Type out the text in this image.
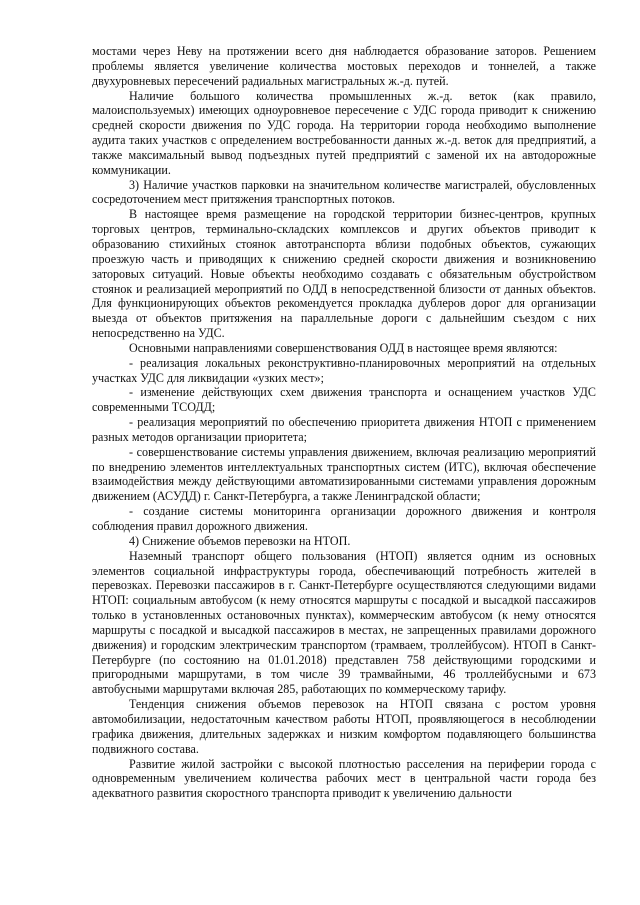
мостами через Неву на протяжении всего дня наблюдается образование заторов. Решением проблемы является увеличение количества мостовых переходов и тоннелей, а также двухуровневых пересечений радиальных магистральных ж.-д. путей.

Наличие большого количества промышленных ж.-д. веток (как правило, малоиспользуемых) имеющих одноуровневое пересечение с УДС города приводит к снижению средней скорости движения по УДС города. На территории города необходимо выполнение аудита таких участков с определением востребованности данных ж.-д. веток для предприятий, а также максимальный вывод подъездных путей предприятий с заменой их на автодорожные коммуникации.

3) Наличие участков парковки на значительном количестве магистралей, обусловленных сосредоточением мест притяжения транспортных потоков.

В настоящее время размещение на городской территории бизнес-центров, крупных торговых центров, терминально-складских комплексов и других объектов приводит к образованию стихийных стоянок автотранспорта вблизи подобных объектов, сужающих проезжую часть и приводящих к снижению средней скорости движения и возникновению заторовых ситуаций. Новые объекты необходимо создавать с обязательным обустройством стоянок и реализацией мероприятий по ОДД в непосредственной близости от данных объектов. Для функционирующих объектов рекомендуется прокладка дублеров дорог для организации выезда от объектов притяжения на параллельные дороги с дальнейшим съездом с них непосредственно на УДС.

Основными направлениями совершенствования ОДД в настоящее время являются:

- реализация локальных реконструктивно-планировочных мероприятий на отдельных участках УДС для ликвидации «узких мест»;

- изменение действующих схем движения транспорта и оснащением участков УДС современными ТСОДД;

- реализация мероприятий по обеспечению приоритета движения НТОП с применением разных методов организации приоритета;

- совершенствование системы управления движением, включая реализацию мероприятий по внедрению элементов интеллектуальных транспортных систем (ИТС), включая обеспечение взаимодействия между действующими автоматизированными системами управления дорожным движением (АСУДД) г. Санкт-Петербурга, а также Ленинградской области;

- создание системы мониторинга организации дорожного движения и контроля соблюдения правил дорожного движения.

4) Снижение объемов перевозки на НТОП.

Наземный транспорт общего пользования (НТОП) является одним из основных элементов социальной инфраструктуры города, обеспечивающий потребность жителей в перевозках. Перевозки пассажиров в г. Санкт-Петербурге осуществляются следующими видами НТОП: социальным автобусом (к нему относятся маршруты с посадкой и высадкой пассажиров только в установленных остановочных пунктах), коммерческим автобусом (к нему относятся маршруты с посадкой и высадкой пассажиров в местах, не запрещенных правилами дорожного движения) и городским электрическим транспортом (трамваем, троллейбусом). НТОП в Санкт-Петербурге (по состоянию на 01.01.2018) представлен 758 действующими городскими и пригородными маршрутами, в том числе 39 трамвайными, 46 троллейбусными и 673 автобусными маршрутами включая 285, работающих по коммерческому тарифу.

Тенденция снижения объемов перевозок на НТОП связана с ростом уровня автомобилизации, недостаточным качеством работы НТОП, проявляющегося в несоблюдении графика движения, длительных задержках и низким комфортом подавляющего большинства подвижного состава.

Развитие жилой застройки с высокой плотностью расселения на периферии города с одновременным увеличением количества рабочих мест в центральной части города без адекватного развития скоростного транспорта приводит к увеличению дальности
